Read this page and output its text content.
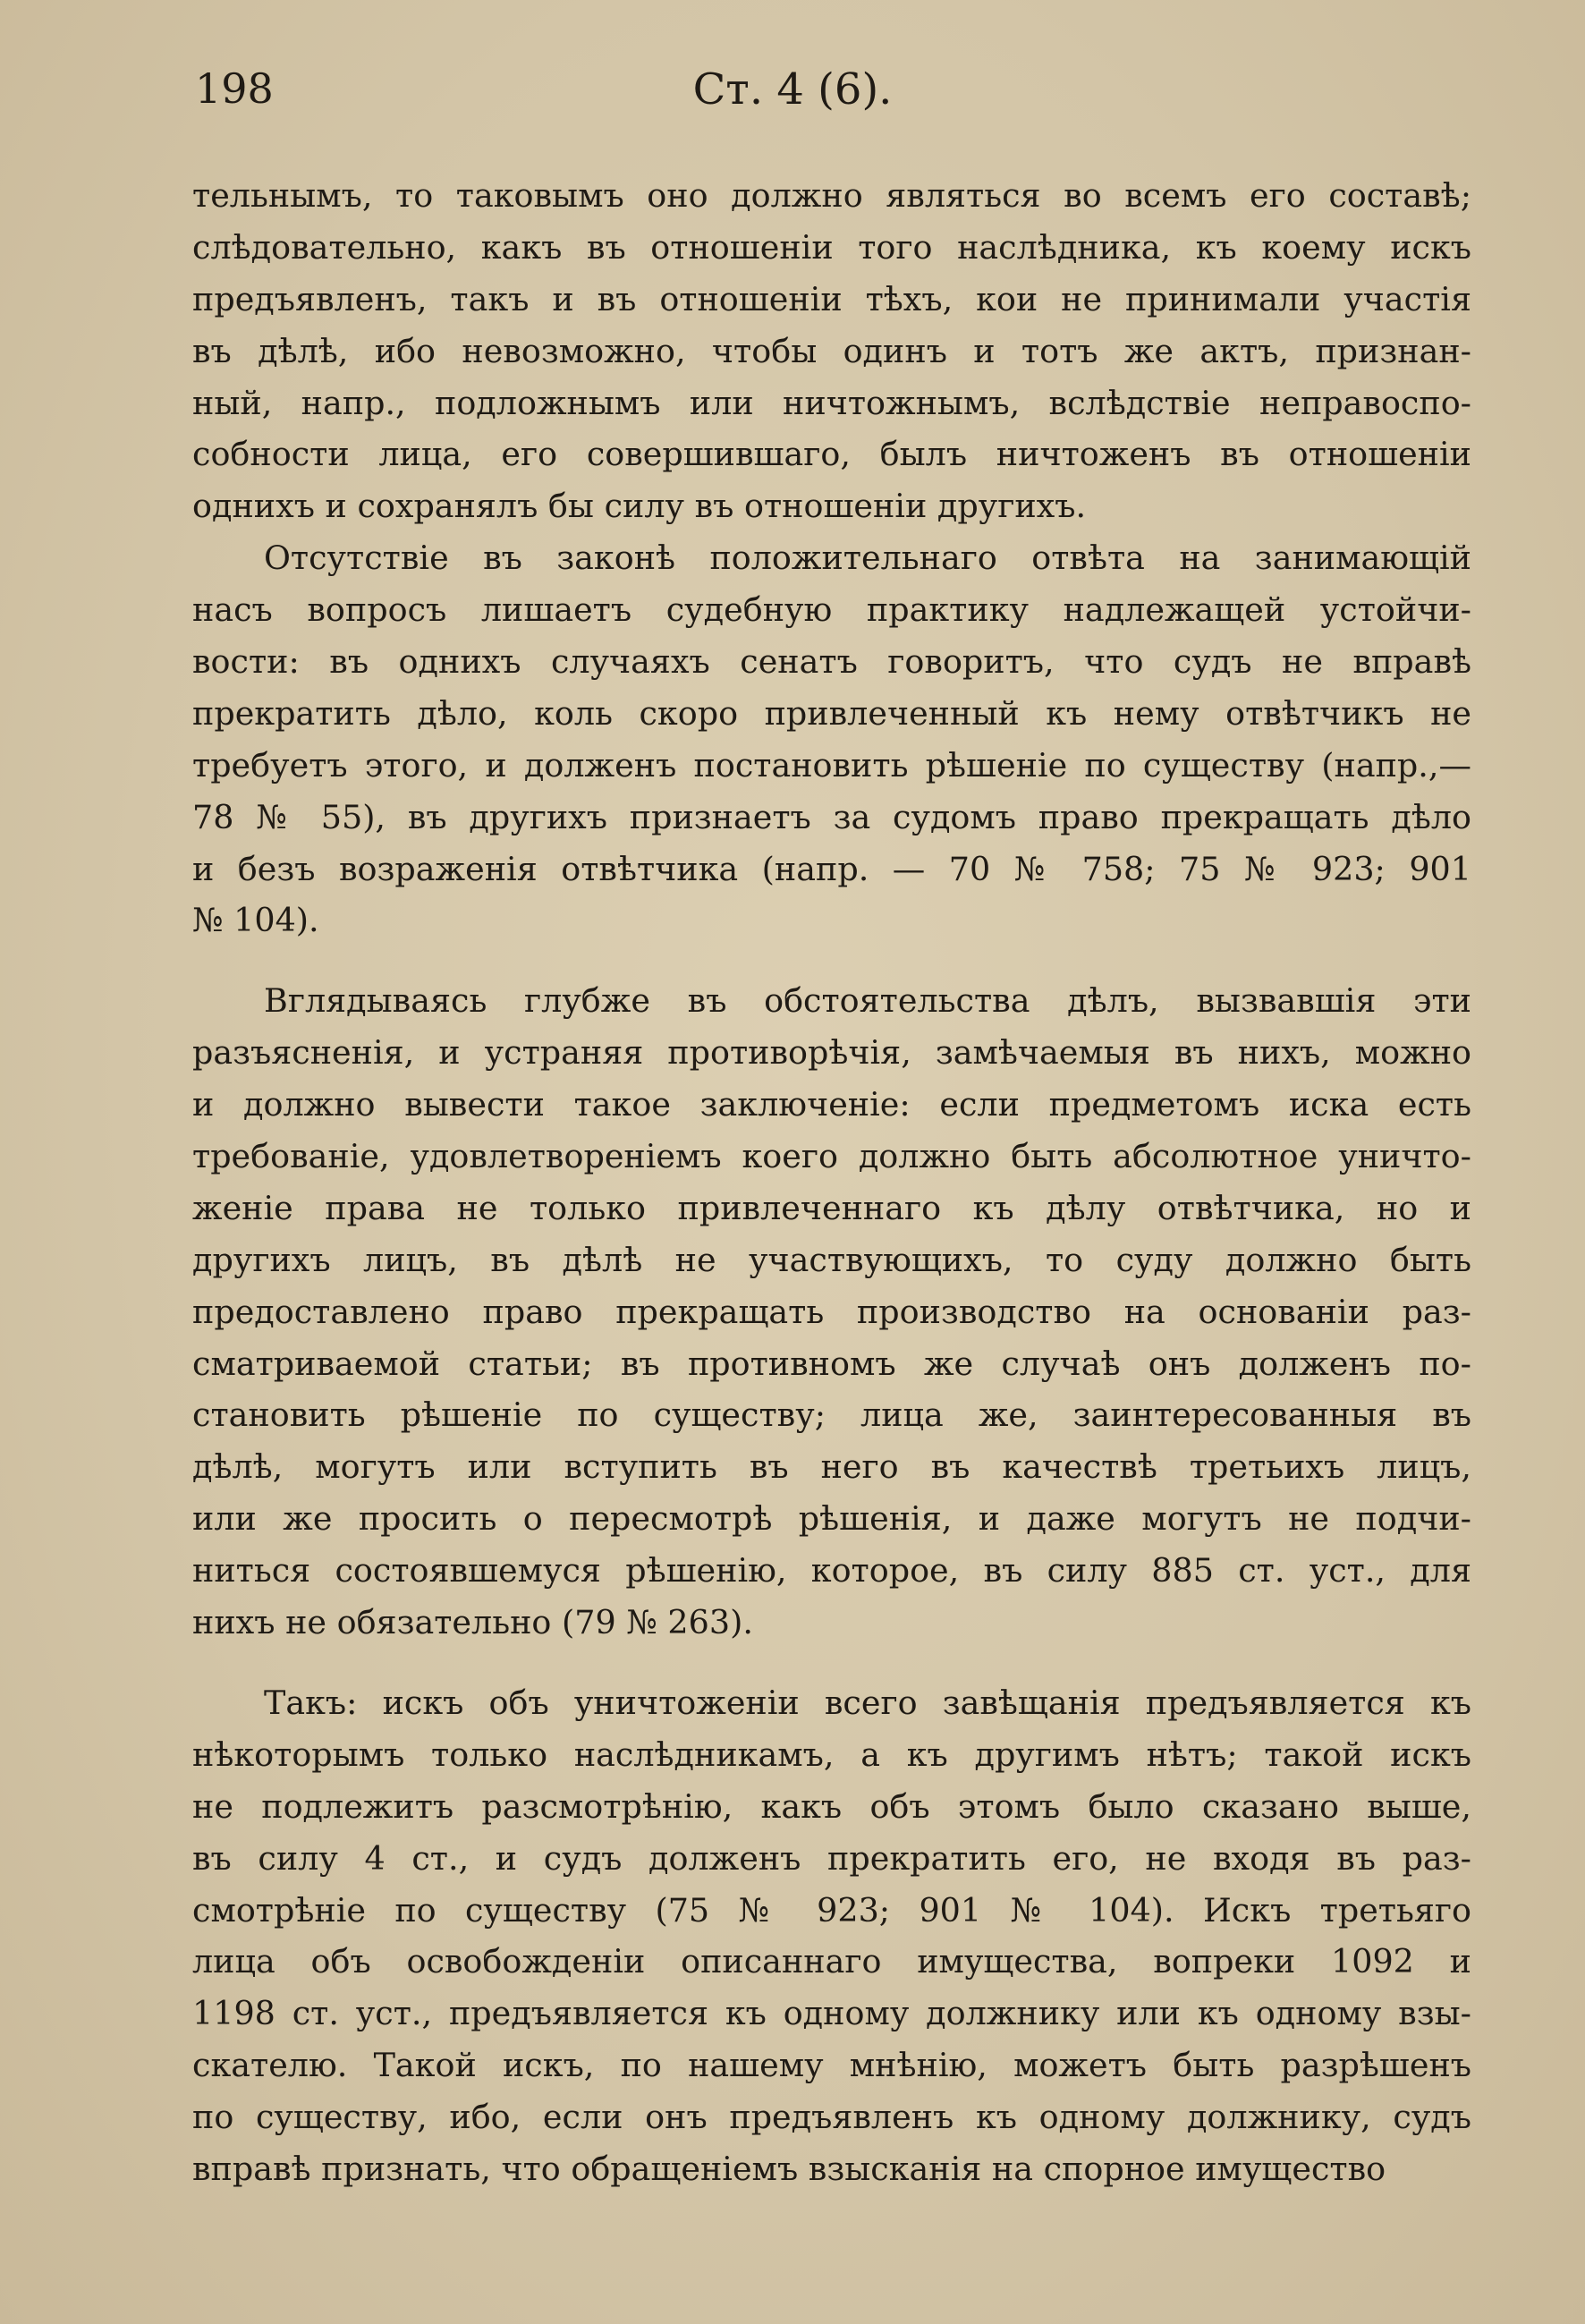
198	Ст. 4 (6).
тельнымъ, то таковымъ оно должно являться во всемъ его составѣ;
слѣдовательно, какъ въ отношеніи того наслѣдника, къ коему искъ
предъявленъ, такъ и въ отношеніи тѣхъ, кои не принимали участія
въ дѣлѣ, ибо невозможно, чтобы одинъ и тотъ же актъ, признан-
ный, напр., подложнымъ или ничтожнымъ, вслѣдствіе неправоспо-
собности лица, его совершившаго, былъ ничтоженъ въ отношеніи
однихъ и сохранялъ бы силу въ отношеніи другихъ.
Отсутствіе въ законѣ положительнаго отвѣта на занимающій
насъ вопросъ лишаетъ судебную практику надлежащей устойчи-
вости: въ однихъ случаяхъ сенатъ говоритъ, что судъ не вправѣ
прекратить дѣло, коль скоро привлеченный къ нему отвѣтчикъ не
требуетъ этого, и долженъ постановить рѣшеніе по существу (напр.,—
78 № 55), въ другихъ признаетъ за судомъ право прекращать дѣло
и безъ возраженія отвѣтчика (напр. — 70 № 758; 75 № 923; 901
№ 104).
Вглядываясь глубже въ обстоятельства дѣлъ, вызвавшія эти
разъясненія, и устраняя противорѣчія, замѣчаемыя въ нихъ, можно
и должно вывести такое заключеніе: если предметомъ иска есть
требованіе, удовлетвореніемъ коего должно быть абсолютное уничто-
женіе права не только привлеченнаго къ дѣлу отвѣтчика, но и
другихъ лицъ, въ дѣлѣ не участвующихъ, то суду должно быть
предоставлено право прекращать производство на основаніи раз-
сматриваемой статьи; въ противномъ же случаѣ онъ долженъ по-
становить рѣшеніе по существу; лица же, заинтересованныя въ
дѣлѣ, могутъ или вступить въ него въ качествѣ третьихъ лицъ,
или же просить о пересмотрѣ рѣшенія, и даже могутъ не подчи-
ниться состоявшемуся рѣшенію, которое, въ силу 885 ст. уст., для
нихъ не обязательно (79 № 263).
Такъ: искъ объ уничтоженіи всего завѣщанія предъявляется къ
нѣкоторымъ только наслѣдникамъ, а къ другимъ нѣтъ; такой искъ
не подлежитъ разсмотрѣнію, какъ объ этомъ было сказано выше,
въ силу 4 ст., и судъ долженъ прекратить его, не входя въ раз-
смотрѣніе по существу (75 № 923; 901 № 104). Искъ третьяго
лица объ освобожденіи описаннаго имущества, вопреки 1092 и
1198 ст. уст., предъявляется къ одному должнику или къ одному взы-
скателю. Такой искъ, по нашему мнѣнію, можетъ быть разрѣшенъ
по существу, ибо, если онъ предъявленъ къ одному должнику, судъ
вправѣ признать, что обращеніемъ взысканія на спорное имущество
